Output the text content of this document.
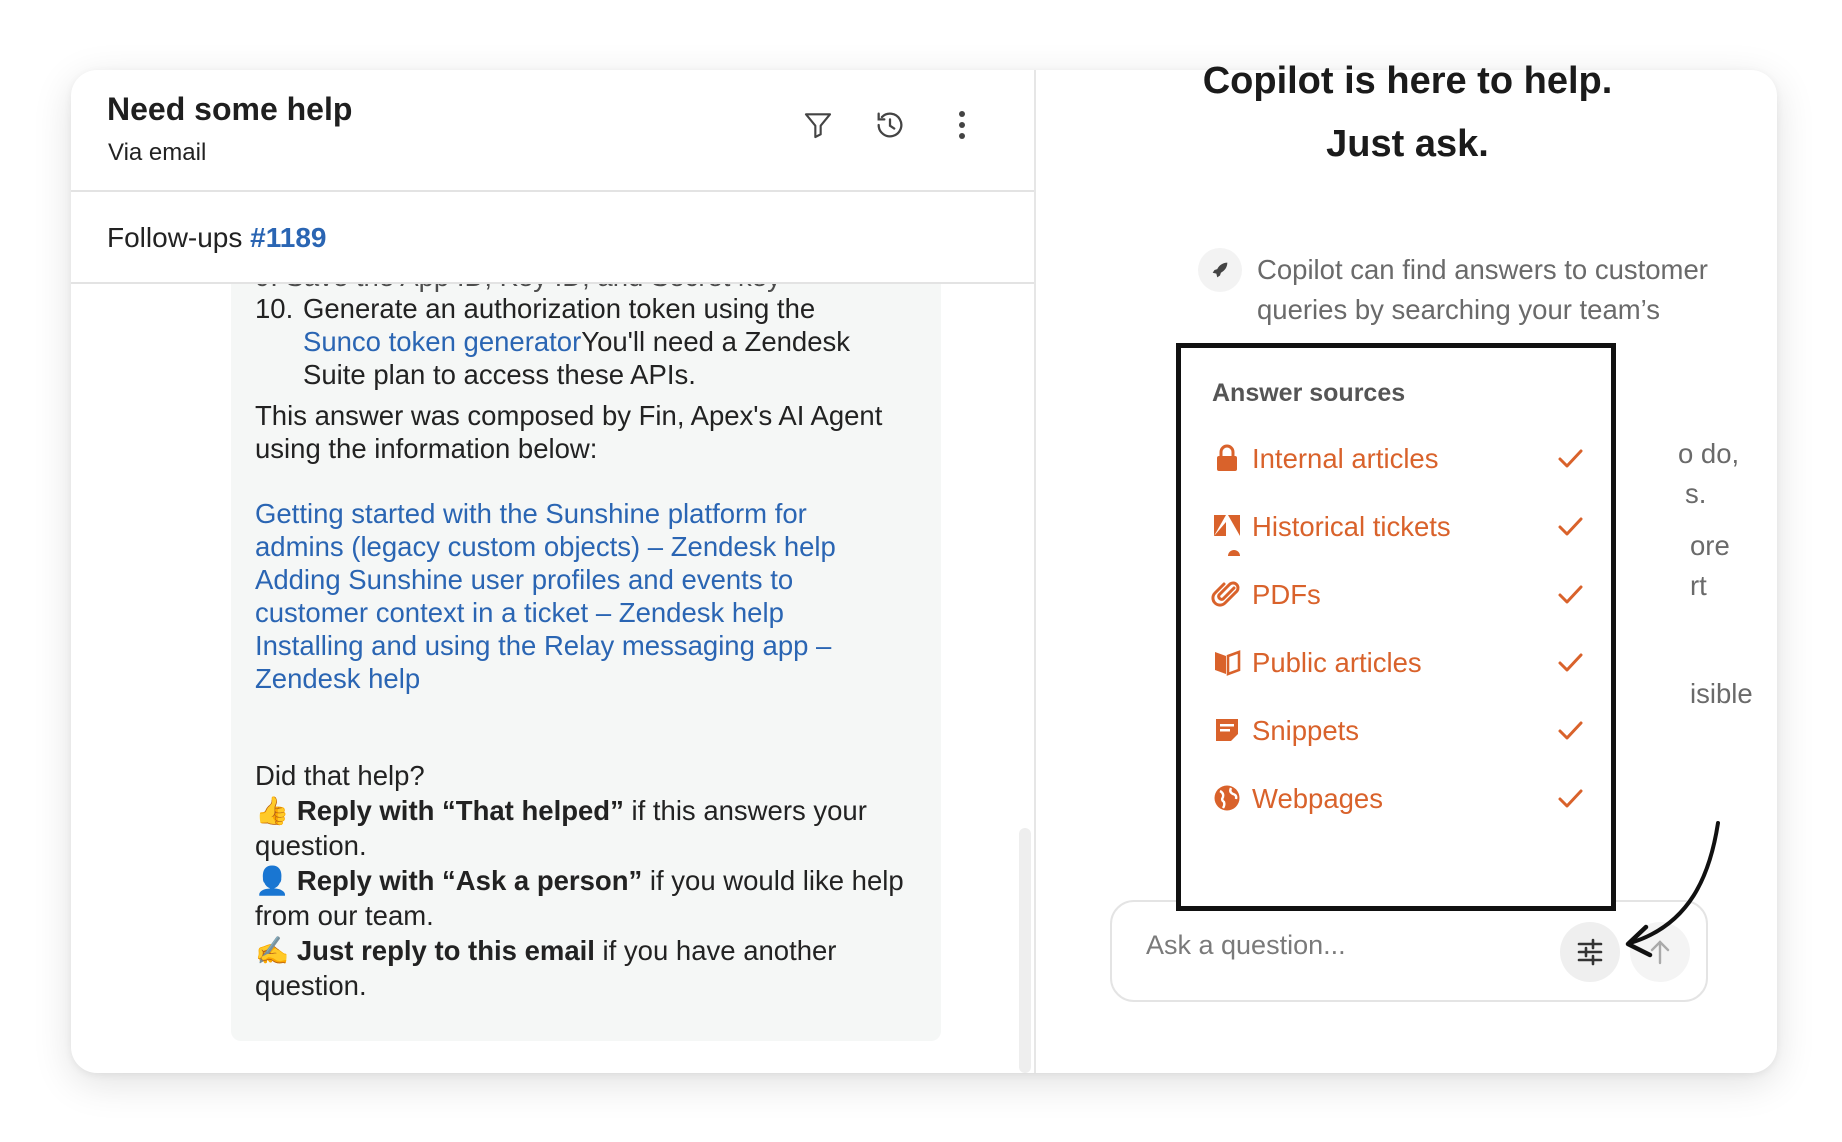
Need some help
Via email
Follow-ups #1189
10. Generate an authorization token using the
Sunco token generatorYou'll need a Zendesk
Suite plan to access these APIs.
This answer was composed by Fin, Apex's AI Agent
using the information below:
Getting started with the Sunshine platform for
admins (legacy custom objects) – Zendesk help
Adding Sunshine user profiles and events to
customer context in a ticket – Zendesk help
Installing and using the Relay messaging app –
Zendesk help
Did that help?
👍 Reply with “That helped” if this answers your
question.
👤 Reply with “Ask a person” if you would like help
from our team.
✍️ Just reply to this email if you have another
question.
Copilot is here to help.
Just ask.
Copilot can find answers to customer
queries by searching your team’s
o do,
s.
ore
rt
isible
Ask a question...
Answer sources
Internal articles
Historical tickets
PDFs
Public articles
Snippets
Webpages
